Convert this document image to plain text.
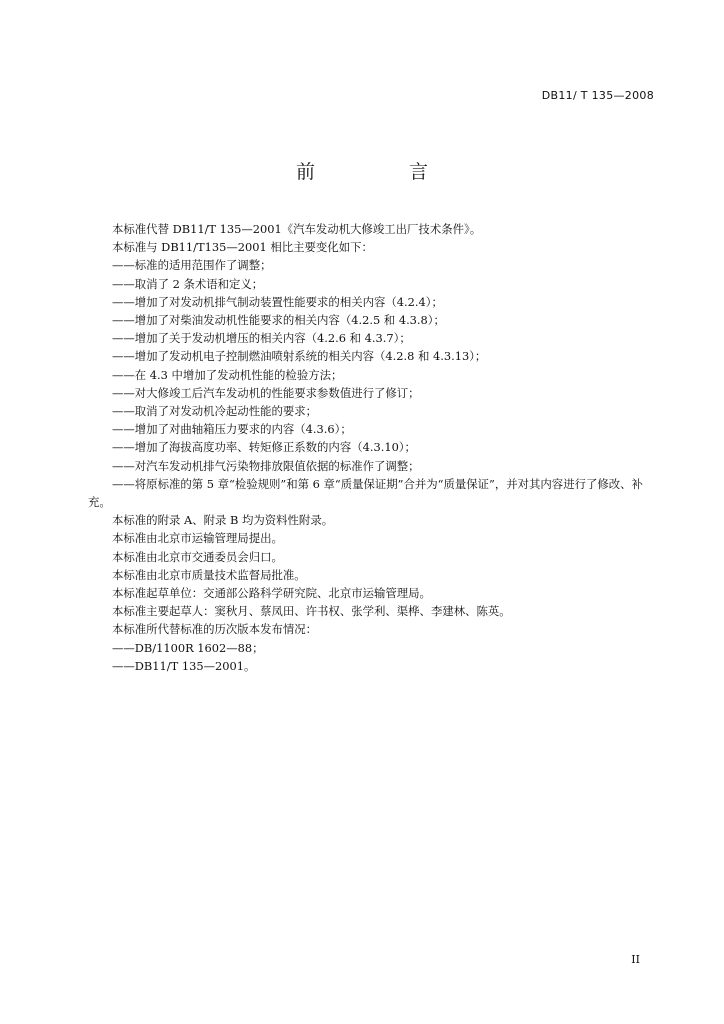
DB11/ T 135—2008
前 言

本标准代替 DB11/T 135—2001《汽车发动机大修竣工出厂技术条件》。

本标准与 DB11/T135—2001 相比主要变化如下：

——标准的适用范围作了调整；

——取消了 2 条术语和定义；

——增加了对发动机排气制动装置性能要求的相关内容（4.2.4）；

——增加了对柴油发动机性能要求的相关内容（4.2.5 和 4.3.8）；

——增加了关于发动机增压的相关内容（4.2.6 和 4.3.7）；

——增加了发动机电子控制燃油喷射系统的相关内容（4.2.8 和 4.3.13）；

——在 4.3 中增加了发动机性能的检验方法；

——对大修竣工后汽车发动机的性能要求参数值进行了修订；

——取消了对发动机冷起动性能的要求；

——增加了对曲轴箱压力要求的内容（4.3.6）；

——增加了海拔高度功率、转矩修正系数的内容（4.3.10）；

——对汽车发动机排气污染物排放限值依据的标准作了调整；

——将原标准的第 5 章“检验规则”和第 6 章“质量保证期”合并为“质量保证”，并对其内容进行了修改、补充。

本标准的附录 A、附录 B 均为资料性附录。

本标准由北京市运输管理局提出。

本标准由北京市交通委员会归口。

本标准由北京市质量技术监督局批准。

本标准起草单位：交通部公路科学研究院、北京市运输管理局。

本标准主要起草人：窦秋月、蔡凤田、许书权、张学利、渠桦、李建林、陈英。

本标准所代替标准的历次版本发布情况：

——DB/1100R 1602—88；

——DB11/T 135—2001。

II
